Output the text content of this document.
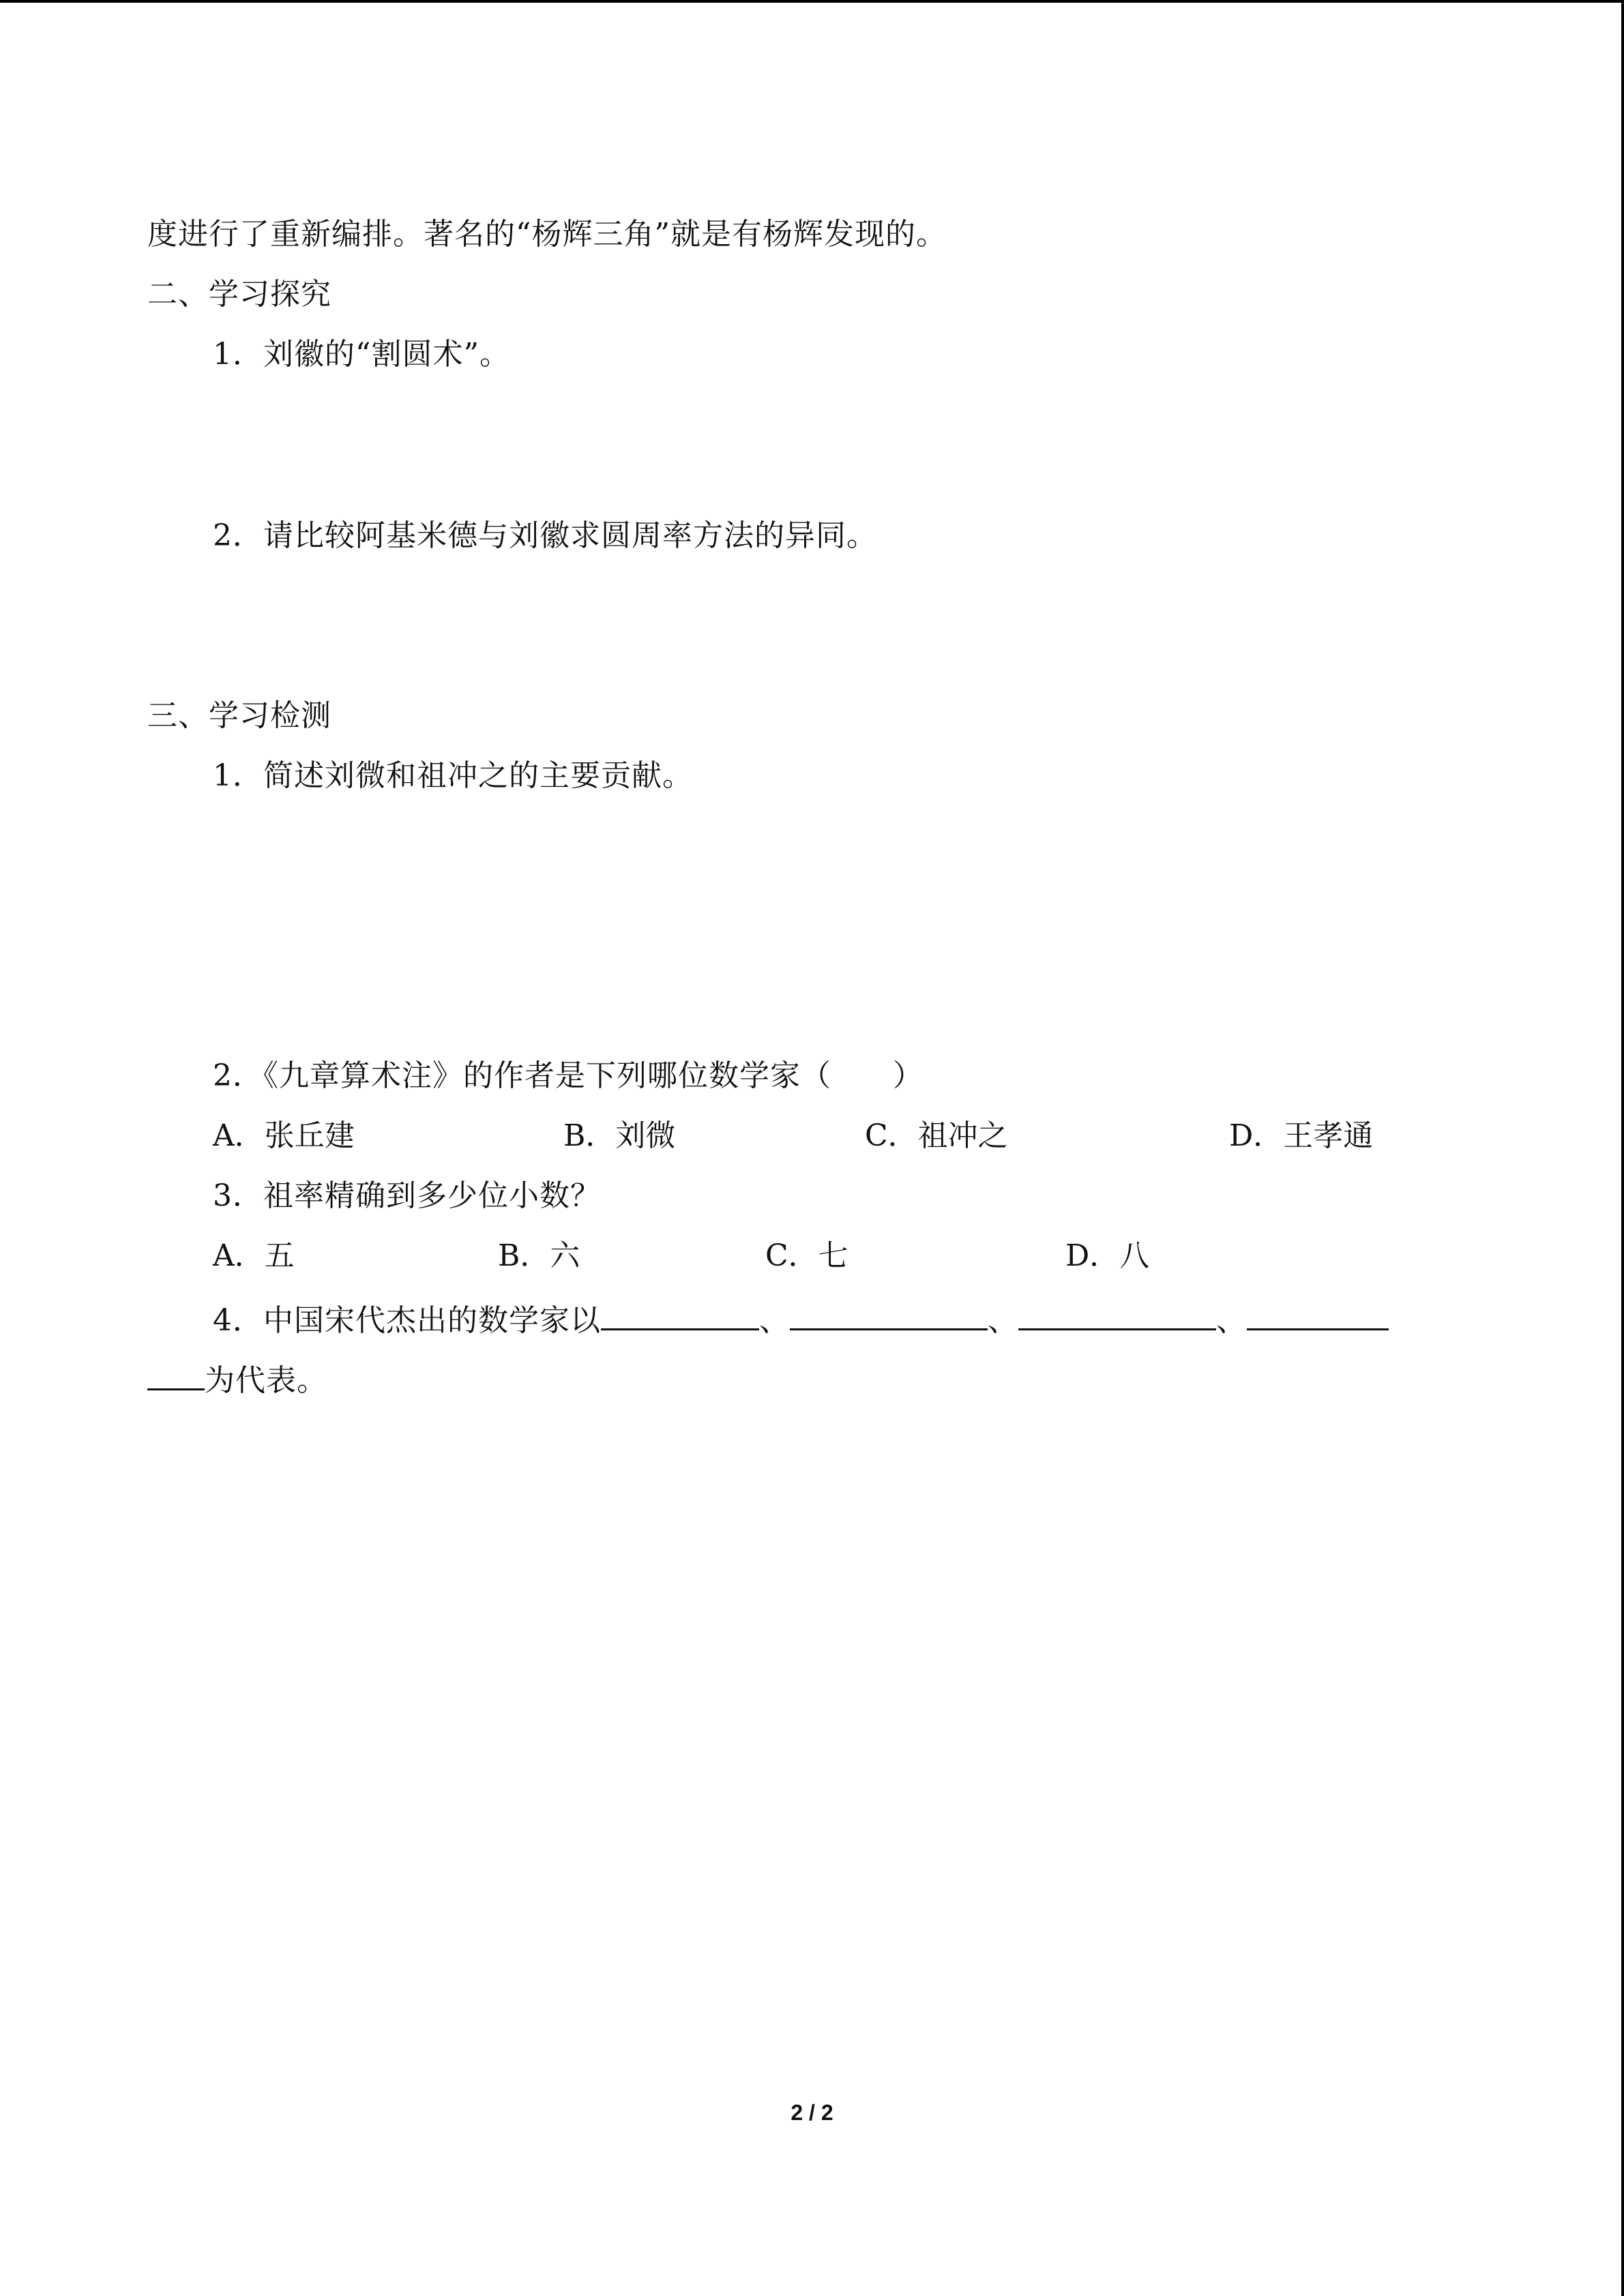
度进行了重新编排。著名的“杨辉三角”就是有杨辉发现的。
二、学习探究
1．刘徽的“割圆术”。
2．请比较阿基米德与刘徽求圆周率方法的异同。
三、学习检测
1．简述刘微和祖冲之的主要贡献。
2．《九章算术注》的作者是下列哪位数学家（　　）
A．张丘建	B．刘微	C．祖冲之	D．王孝通
3．祖率精确到多少位小数？
A．五	B．六	C．七	D．八
4．中国宋代杰出的数学家以	、	、	、
为代表。
2 / 2
